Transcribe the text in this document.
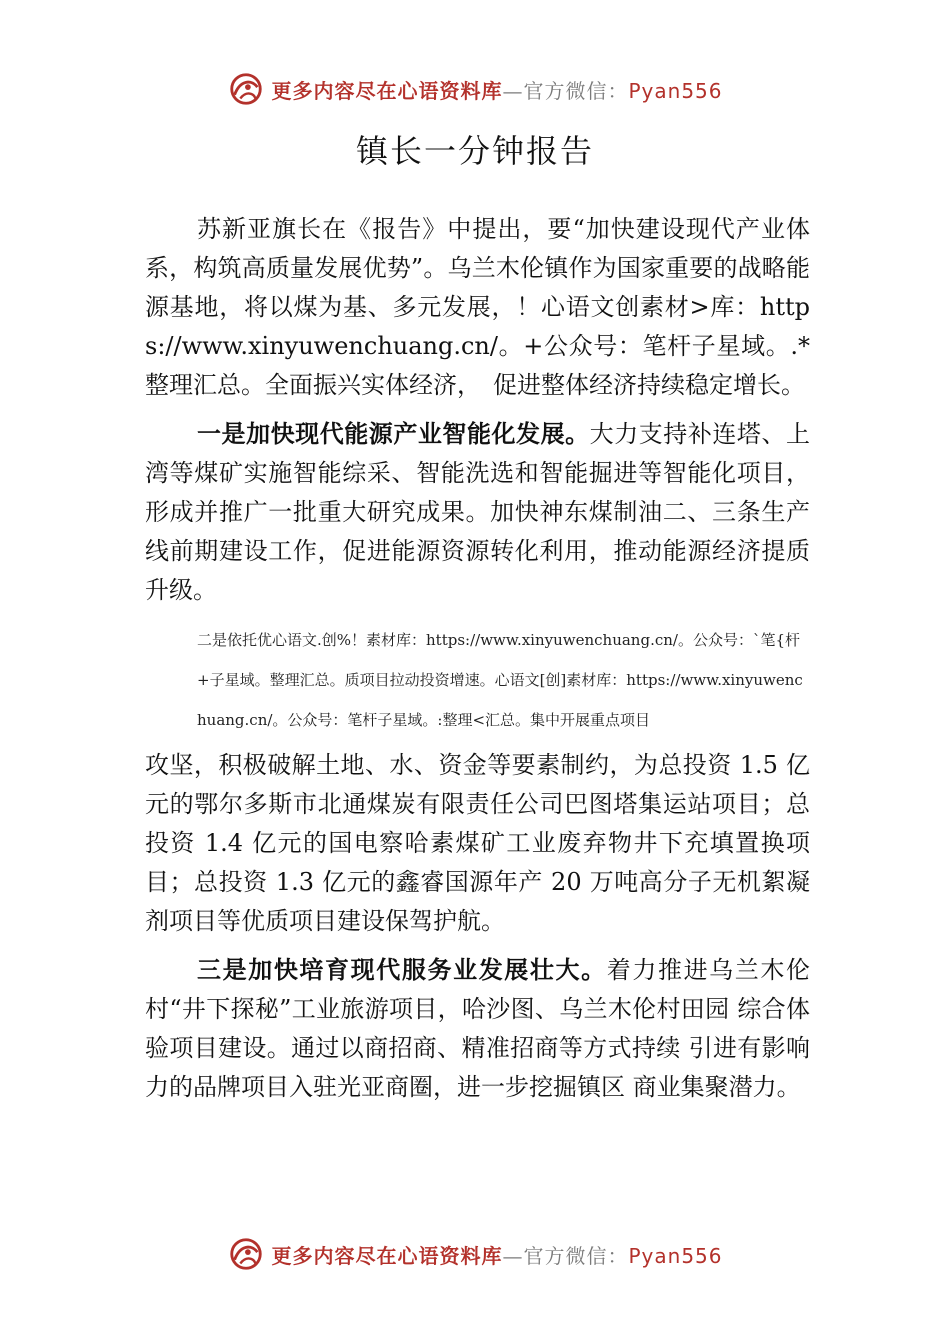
更多内容尽在心语资料库—官方微信：Pyan556
镇长一分钟报告

苏新亚旗长在《报告》中提出，要“加快建设现代产业体系，构筑高质量发展优势”。乌兰木伦镇作为国家重要的战略能源基地，将以煤为基、多元发展，！心语文创素材>库：https://www.xinyuwenchuang.cn/。+公众号：笔杆子星域。.*整理汇总。全面振兴实体经济，　促进整体经济持续稳定增长。

一是加快现代能源产业智能化发展。大力支持补连塔、上湾等煤矿实施智能综采、智能洗选和智能掘进等智能化项目，形成并推广一批重大研究成果。加快神东煤制油二、三条生产线前期建设工作，促进能源资源转化利用，推动能源经济提质升级。

二是依托优心语文.创%！素材库：https://www.xinyuwenchuang.cn/。公众号：`笔{杆+子星域。整理汇总。质项目拉动投资增速。心语文[创]素材库：https://www.xinyuwenchuang.cn/。公众号：笔杆子星域。:整理<汇总。集中开展重点项目

攻坚，积极破解土地、水、资金等要素制约，为总投资 1.5 亿元的鄂尔多斯市北通煤炭有限责任公司巴图塔集运站项目；总投资 1.4 亿元的国电察哈素煤矿工业废弃物井下充填置换项目；总投资 1.3 亿元的鑫睿国源年产 20 万吨高分子无机絮凝剂项目等优质项目建设保驾护航。

三是加快培育现代服务业发展壮大。着力推进乌兰木伦村“井下探秘”工业旅游项目，哈沙图、乌兰木伦村田园 综合体验项目建设。通过以商招商、精准招商等方式持续 引进有影响力的品牌项目入驻光亚商圈，进一步挖掘镇区 商业集聚潜力。

更多内容尽在心语资料库—官方微信：Pyan556
